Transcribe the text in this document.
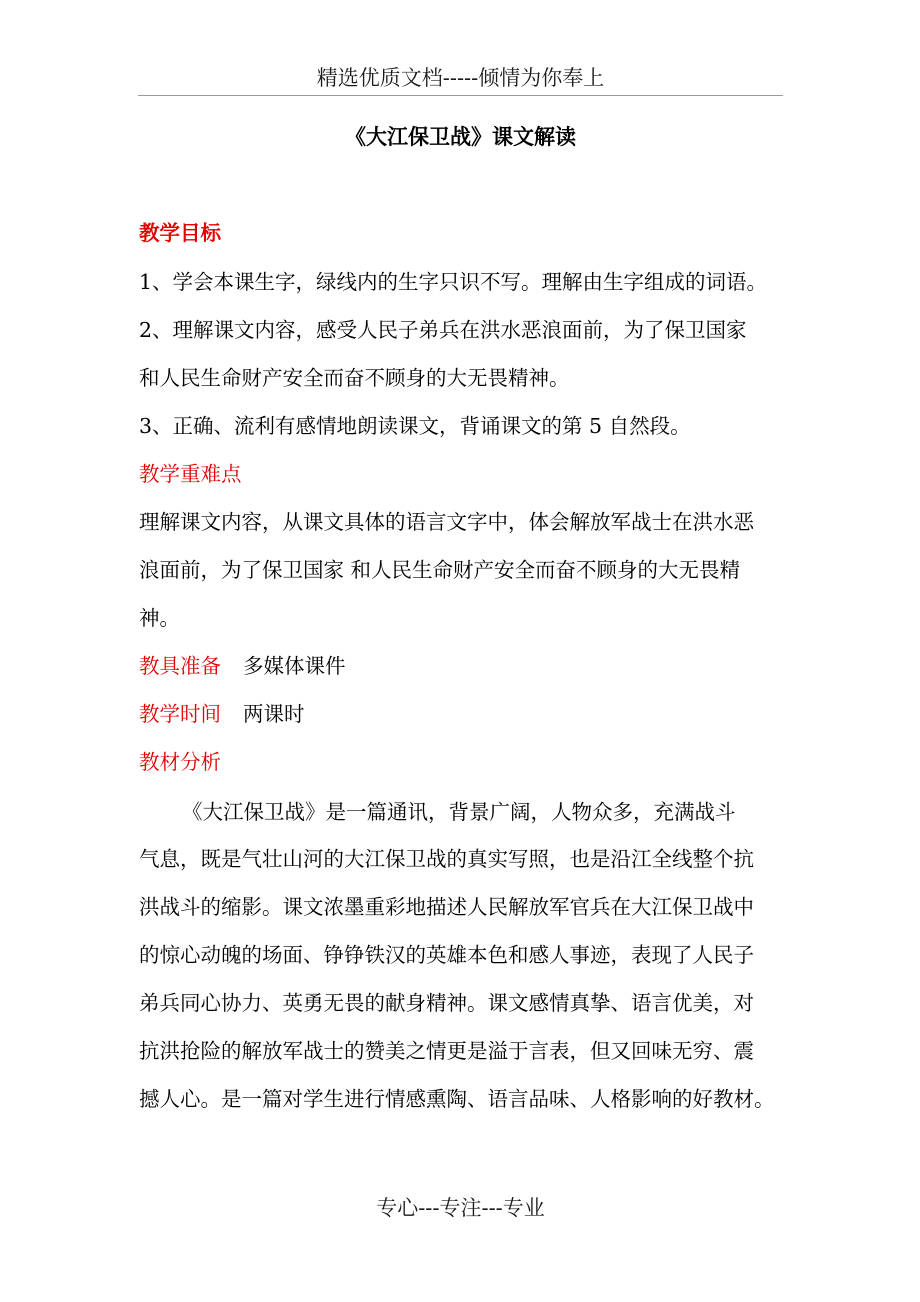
精选优质文档-----倾情为你奉上
《大江保卫战》课文解读
教学目标
1、学会本课生字，绿线内的生字只识不写。理解由生字组成的词语。
2、理解课文内容，感受人民子弟兵在洪水恶浪面前，为了保卫国家
和人民生命财产安全而奋不顾身的大无畏精神。
3、正确、流利有感情地朗读课文，背诵课文的第 5 自然段。
教学重难点
理解课文内容，从课文具体的语言文字中，体会解放军战士在洪水恶
浪面前，为了保卫国家 和人民生命财产安全而奋不顾身的大无畏精
神。
教具准备 多媒体课件
教学时间 两课时
教材分析
《大江保卫战》是一篇通讯，背景广阔，人物众多，充满战斗
气息，既是气壮山河的大江保卫战的真实写照，也是沿江全线整个抗
洪战斗的缩影。课文浓墨重彩地描述人民解放军官兵在大江保卫战中
的惊心动魄的场面、铮铮铁汉的英雄本色和感人事迹，表现了人民子
弟兵同心协力、英勇无畏的献身精神。课文感情真挚、语言优美，对
抗洪抢险的解放军战士的赞美之情更是溢于言表，但又回味无穷、震
撼人心。是一篇对学生进行情感熏陶、语言品味、人格影响的好教材。
专心---专注---专业
